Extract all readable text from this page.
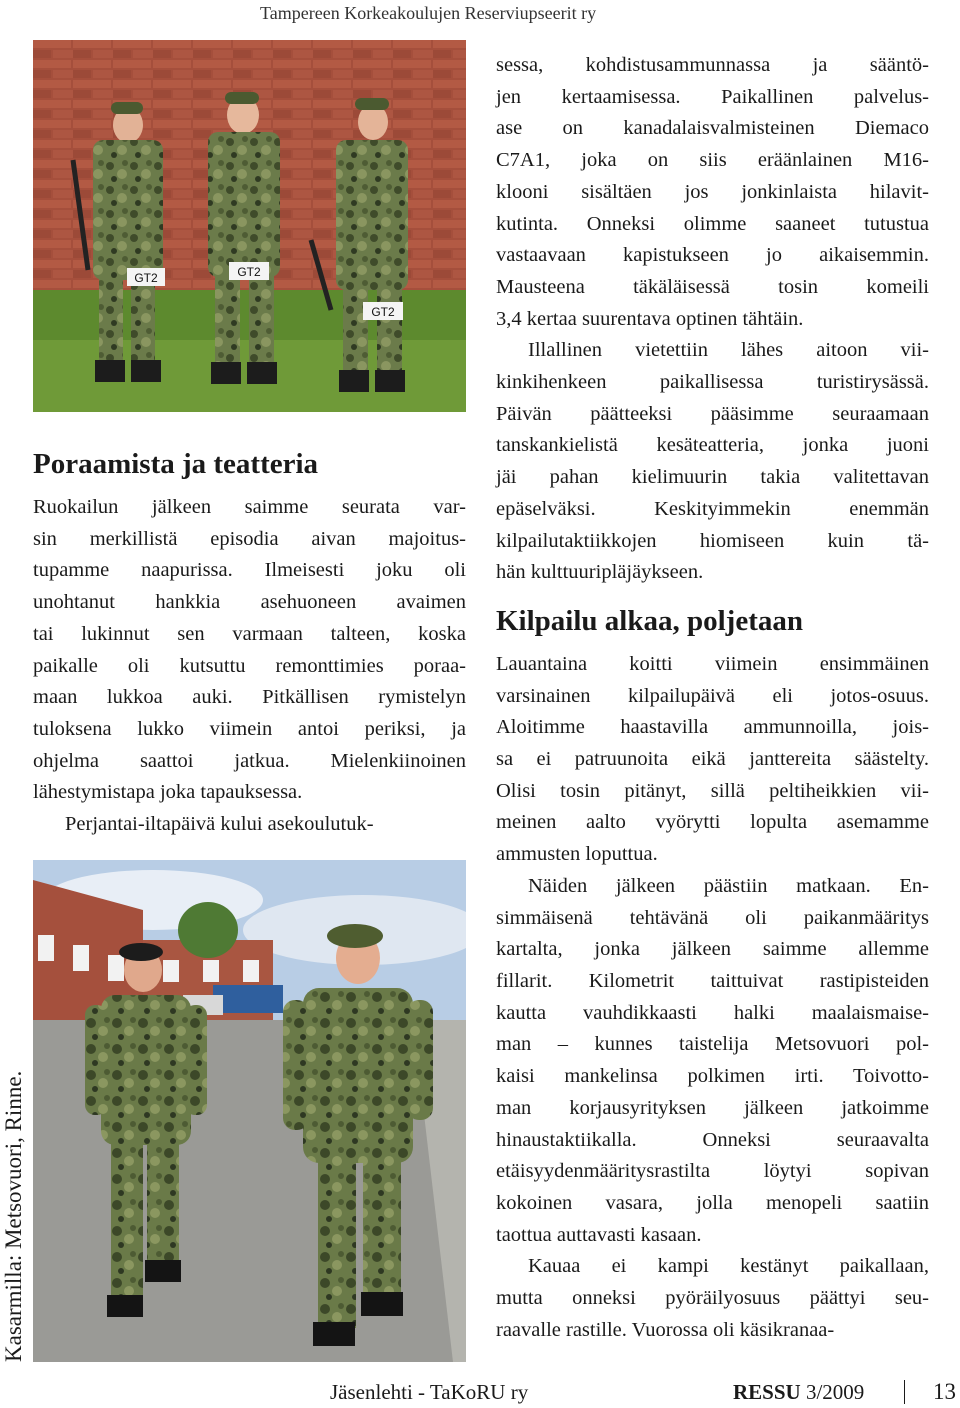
Tampereen Korkeakoulujen Reserviupseerit ry
GT2	GT2
GT2
Kasarmilla: Metsovuori, Rinne.
Poraamista ja teatteria

Ruokailun jälkeen saimme seurata var-
sin merkillistä episodia aivan majoitus-
tupamme naapurissa. Ilmeisesti joku oli
unohtanut hankkia asehuoneen avaimen
tai lukinnut sen varmaan talteen, koska
paikalle oli kutsuttu remonttimies poraa-
maan lukkoa auki. Pitkällisen rymistelyn
tuloksena lukko viimein antoi periksi, ja
ohjelma saattoi jatkua. Mielenkiinoinen
lähestymistapa joka tapauksessa.

Perjantai-iltapäivä kului asekoulutuk-

sessa, kohdistusammunnassa ja sääntö-
jen kertaamisessa. Paikallinen palvelus-
ase on kanadalaisvalmisteinen Diemaco
C7A1, joka on siis eräänlainen M16-
klooni sisältäen jos jonkinlaista hilavit-
kutinta. Onneksi olimme saaneet tutustua
vastaavaan kapistukseen jo aikaisemmin.
Mausteena täkäläisessä tosin komeili
3,4 kertaa suurentava optinen tähtäin.

Illallinen vietettiin lähes aitoon vii-
kinkihenkeen paikallisessa turistirysässä.
Päivän päätteeksi pääsimme seuraamaan
tanskankielistä kesäteatteria, jonka juoni
jäi pahan kielimuurin takia valitettavan
epäselväksi. Keskityimmekin enemmän
kilpailutaktiikkojen hiomiseen kuin tä-
hän kulttuuripläjäykseen.

Kilpailu alkaa, poljetaan

Lauantaina koitti viimein ensimmäinen
varsinainen kilpailupäivä eli jotos-osuus.
Aloitimme haastavilla ammunnoilla, jois-
sa ei patruunoita eikä janttereita säästelty.
Olisi tosin pitänyt, sillä peltiheikkien vii-
meinen aalto vyörytti lopulta asemamme
ammusten loputtua.

Näiden jälkeen päästiin matkaan. En-
simmäisenä tehtävänä oli paikanmääritys
kartalta, jonka jälkeen saimme allemme
fillarit. Kilometrit taittuivat rastipisteiden
kautta vauhdikkaasti halki maalaismaise-
man – kunnes taistelija Metsovuori pol-
kaisi mankelinsa polkimen irti. Toivotto-
man korjausyrityksen jälkeen jatkoimme
hinaustaktiikalla. Onneksi seuraavalta
etäisyydenmääritysrastilta löytyi sopivan
kokoinen vasara, jolla menopeli saatiin
taottua auttavasti kasaan.

Kauaa ei kampi kestänyt paikallaan,
mutta onneksi pyöräilyosuus päättyi seu-
raavalle rastille. Vuorossa oli käsikranaa-

Jäsenlehti - TaKoRU ry	RESSU 3/2009	13
